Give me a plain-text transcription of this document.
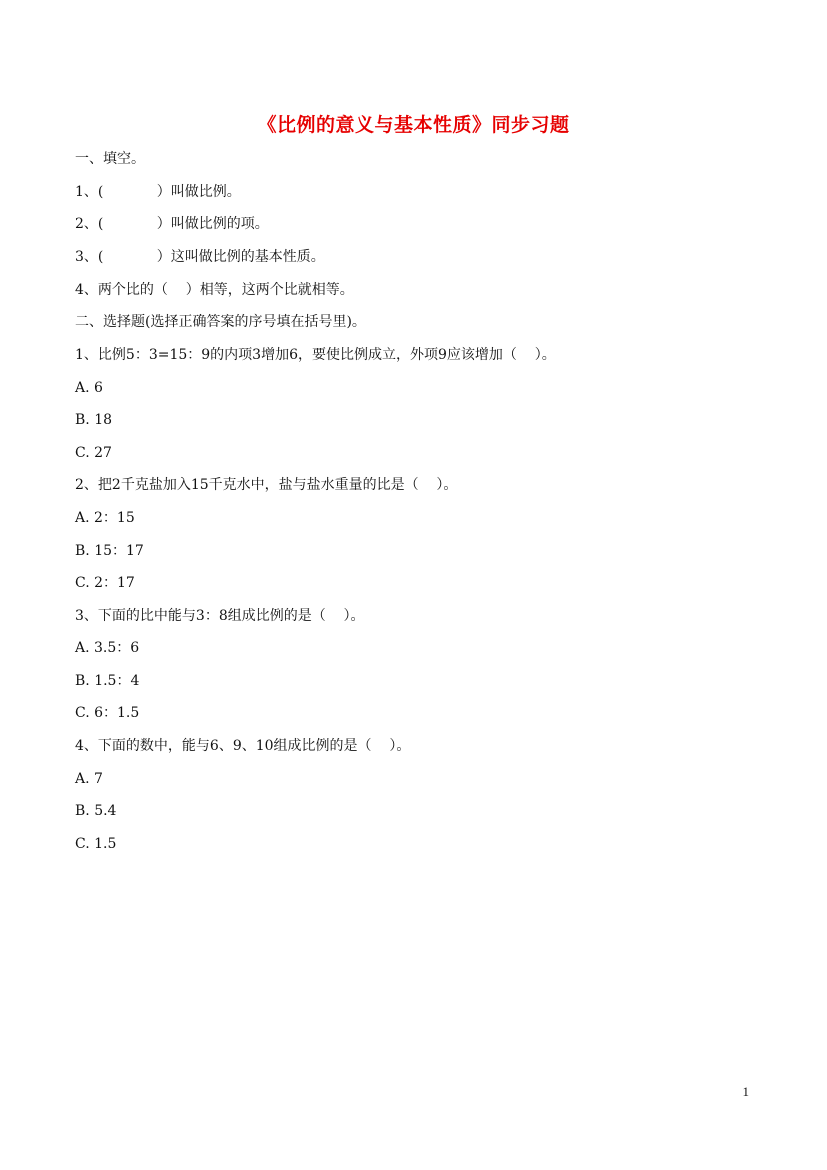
《比例的意义与基本性质》同步习题
一、填空。
1、(            ）叫做比例。
2、(            ）叫做比例的项。
3、(            ）这叫做比例的基本性质。
4、两个比的（    ）相等，这两个比就相等。
二、选择题(选择正确答案的序号填在括号里)。
1、比例5：3=15：9的内项3增加6，要使比例成立，外项9应该增加（    ）。
A. 6
B. 18
C. 27
2、把2千克盐加入15千克水中，盐与盐水重量的比是（    ）。
A. 2：15
B. 15：17
C. 2：17
3、下面的比中能与3：8组成比例的是（    ）。
A. 3.5：6
B. 1.5：4
C. 6：1.5
4、下面的数中，能与6、9、10组成比例的是（    ）。
A. 7
B. 5.4
C. 1.5
1
